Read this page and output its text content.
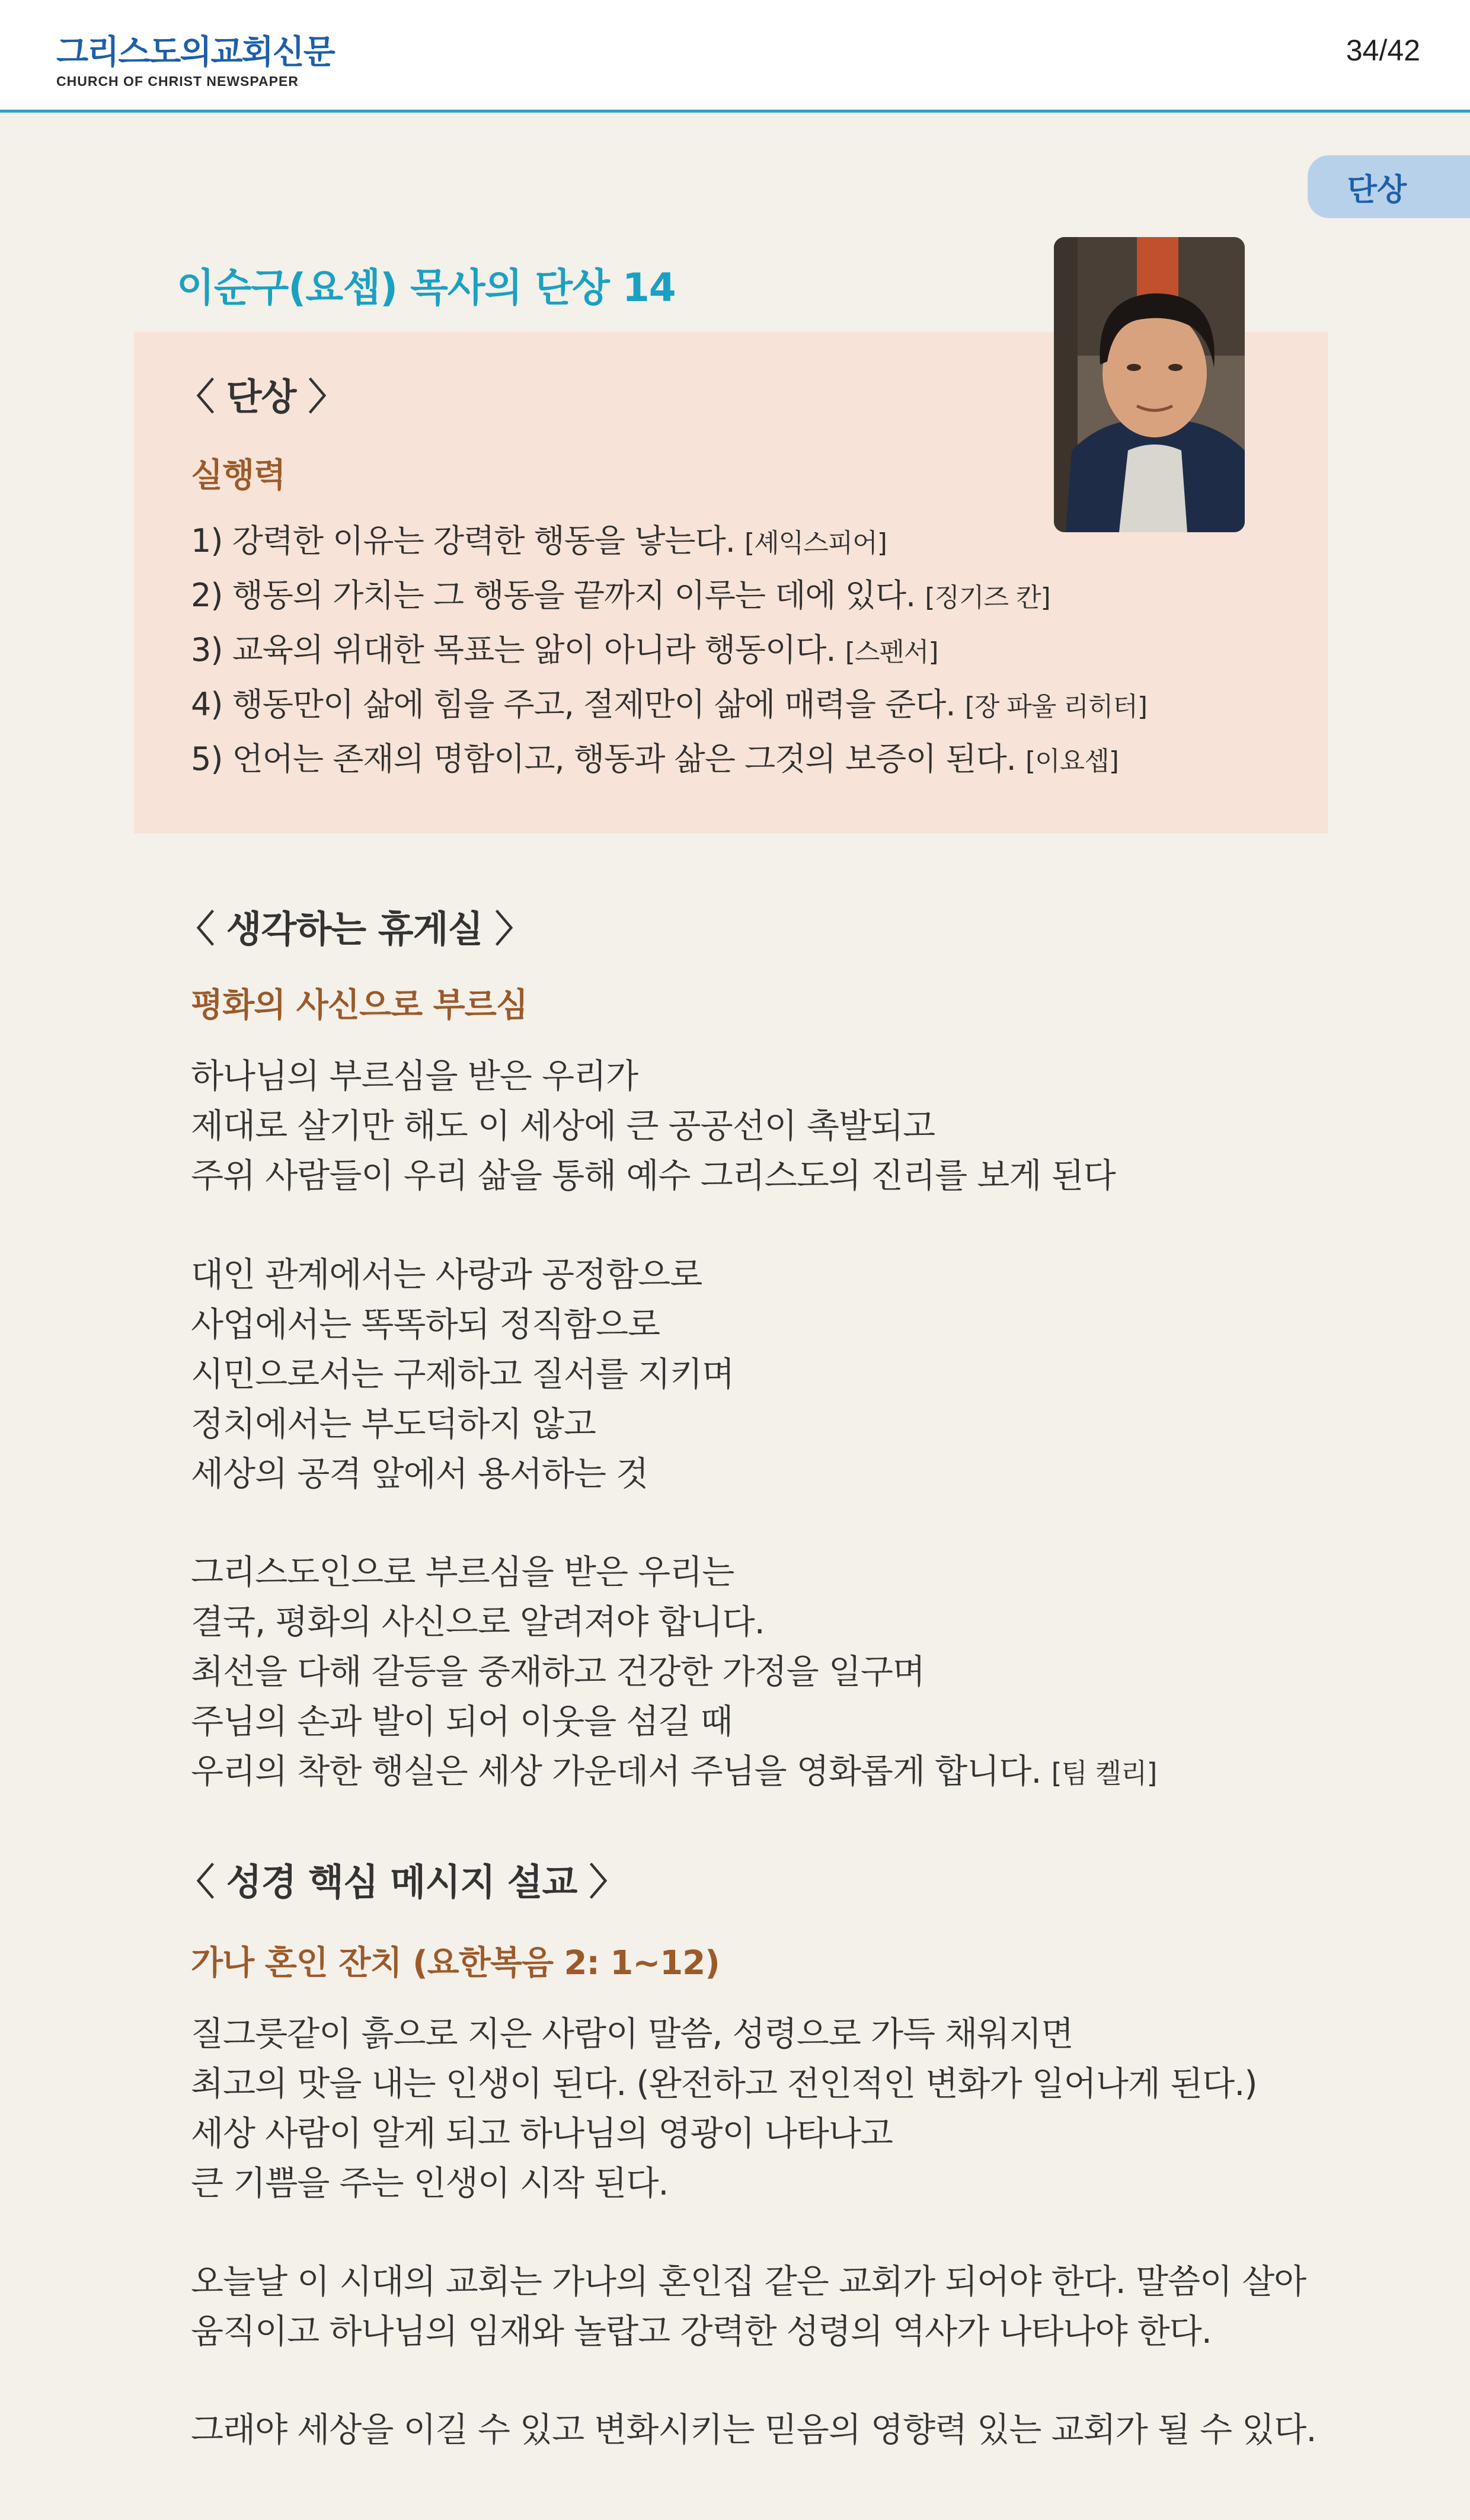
그리스도의교회신문
CHURCH OF CHRIST NEWSPAPER
34/42
단상
이순구(요셉) 목사의 단상 14
〈 단상 〉
실행력
1) 강력한 이유는 강력한 행동을 낳는다. [셰익스피어]
2) 행동의 가치는 그 행동을 끝까지 이루는 데에 있다. [징기즈 칸]
3) 교육의 위대한 목표는 앎이 아니라 행동이다. [스펜서]
4) 행동만이 삶에 힘을 주고, 절제만이 삶에 매력을 준다. [장 파울 리히터]
5) 언어는 존재의 명함이고, 행동과 삶은 그것의 보증이 된다. [이요셉]
〈 생각하는 휴게실 〉
평화의 사신으로 부르심
하나님의 부르심을 받은 우리가
제대로 살기만 해도 이 세상에 큰 공공선이 촉발되고
주위 사람들이 우리 삶을 통해 예수 그리스도의 진리를 보게 된다
대인 관계에서는 사랑과 공정함으로
사업에서는 똑똑하되 정직함으로
시민으로서는 구제하고 질서를 지키며
정치에서는 부도덕하지 않고
세상의 공격 앞에서 용서하는 것
그리스도인으로 부르심을 받은 우리는
결국, 평화의 사신으로 알려져야 합니다.
최선을 다해 갈등을 중재하고 건강한 가정을 일구며
주님의 손과 발이 되어 이웃을 섬길 때
우리의 착한 행실은 세상 가운데서 주님을 영화롭게 합니다. [팀 켈리]
〈 성경 핵심 메시지 설교 〉
가나 혼인 잔치 (요한복음 2: 1~12)
질그릇같이 흙으로 지은 사람이 말씀, 성령으로 가득 채워지면
최고의 맛을 내는 인생이 된다. (완전하고 전인적인 변화가 일어나게 된다.)
세상 사람이 알게 되고 하나님의 영광이 나타나고
큰 기쁨을 주는 인생이 시작 된다.
오늘날 이 시대의 교회는 가나의 혼인집 같은 교회가 되어야 한다. 말씀이 살아
움직이고 하나님의 임재와 놀랍고 강력한 성령의 역사가 나타나야 한다.
그래야 세상을 이길 수 있고 변화시키는 믿음의 영향력 있는 교회가 될 수 있다.
